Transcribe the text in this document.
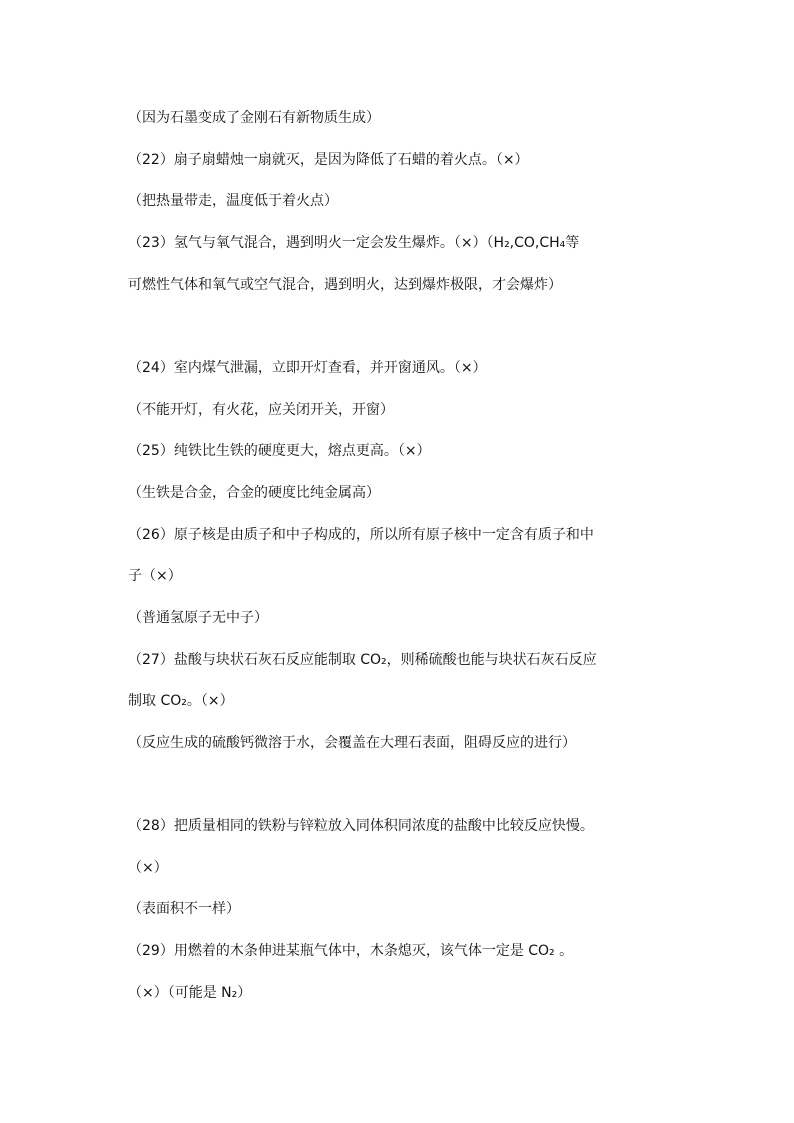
（因为石墨变成了金刚石有新物质生成）
（22）扇子扇蜡烛一扇就灭，是因为降低了石蜡的着火点。（×）
（把热量带走，温度低于着火点）
（23）氢气与氧气混合，遇到明火一定会发生爆炸。（×）（H₂,CO,CH₄等
可燃性气体和氧气或空气混合，遇到明火，达到爆炸极限，才会爆炸）
（24）室内煤气泄漏，立即开灯查看，并开窗通风。（×）
（不能开灯，有火花，应关闭开关，开窗）
（25）纯铁比生铁的硬度更大，熔点更高。（×）
（生铁是合金，合金的硬度比纯金属高）
（26）原子核是由质子和中子构成的，所以所有原子核中一定含有质子和中
子（×）
（普通氢原子无中子）
（27）盐酸与块状石灰石反应能制取 CO₂，则稀硫酸也能与块状石灰石反应
制取 CO₂。（×）
（反应生成的硫酸钙微溶于水，会覆盖在大理石表面，阻碍反应的进行）
（28）把质量相同的铁粉与锌粒放入同体积同浓度的盐酸中比较反应快慢。
（×）
（表面积不一样）
（29）用燃着的木条伸进某瓶气体中，木条熄灭，该气体一定是 CO₂ 。
（×）（可能是 N₂）
